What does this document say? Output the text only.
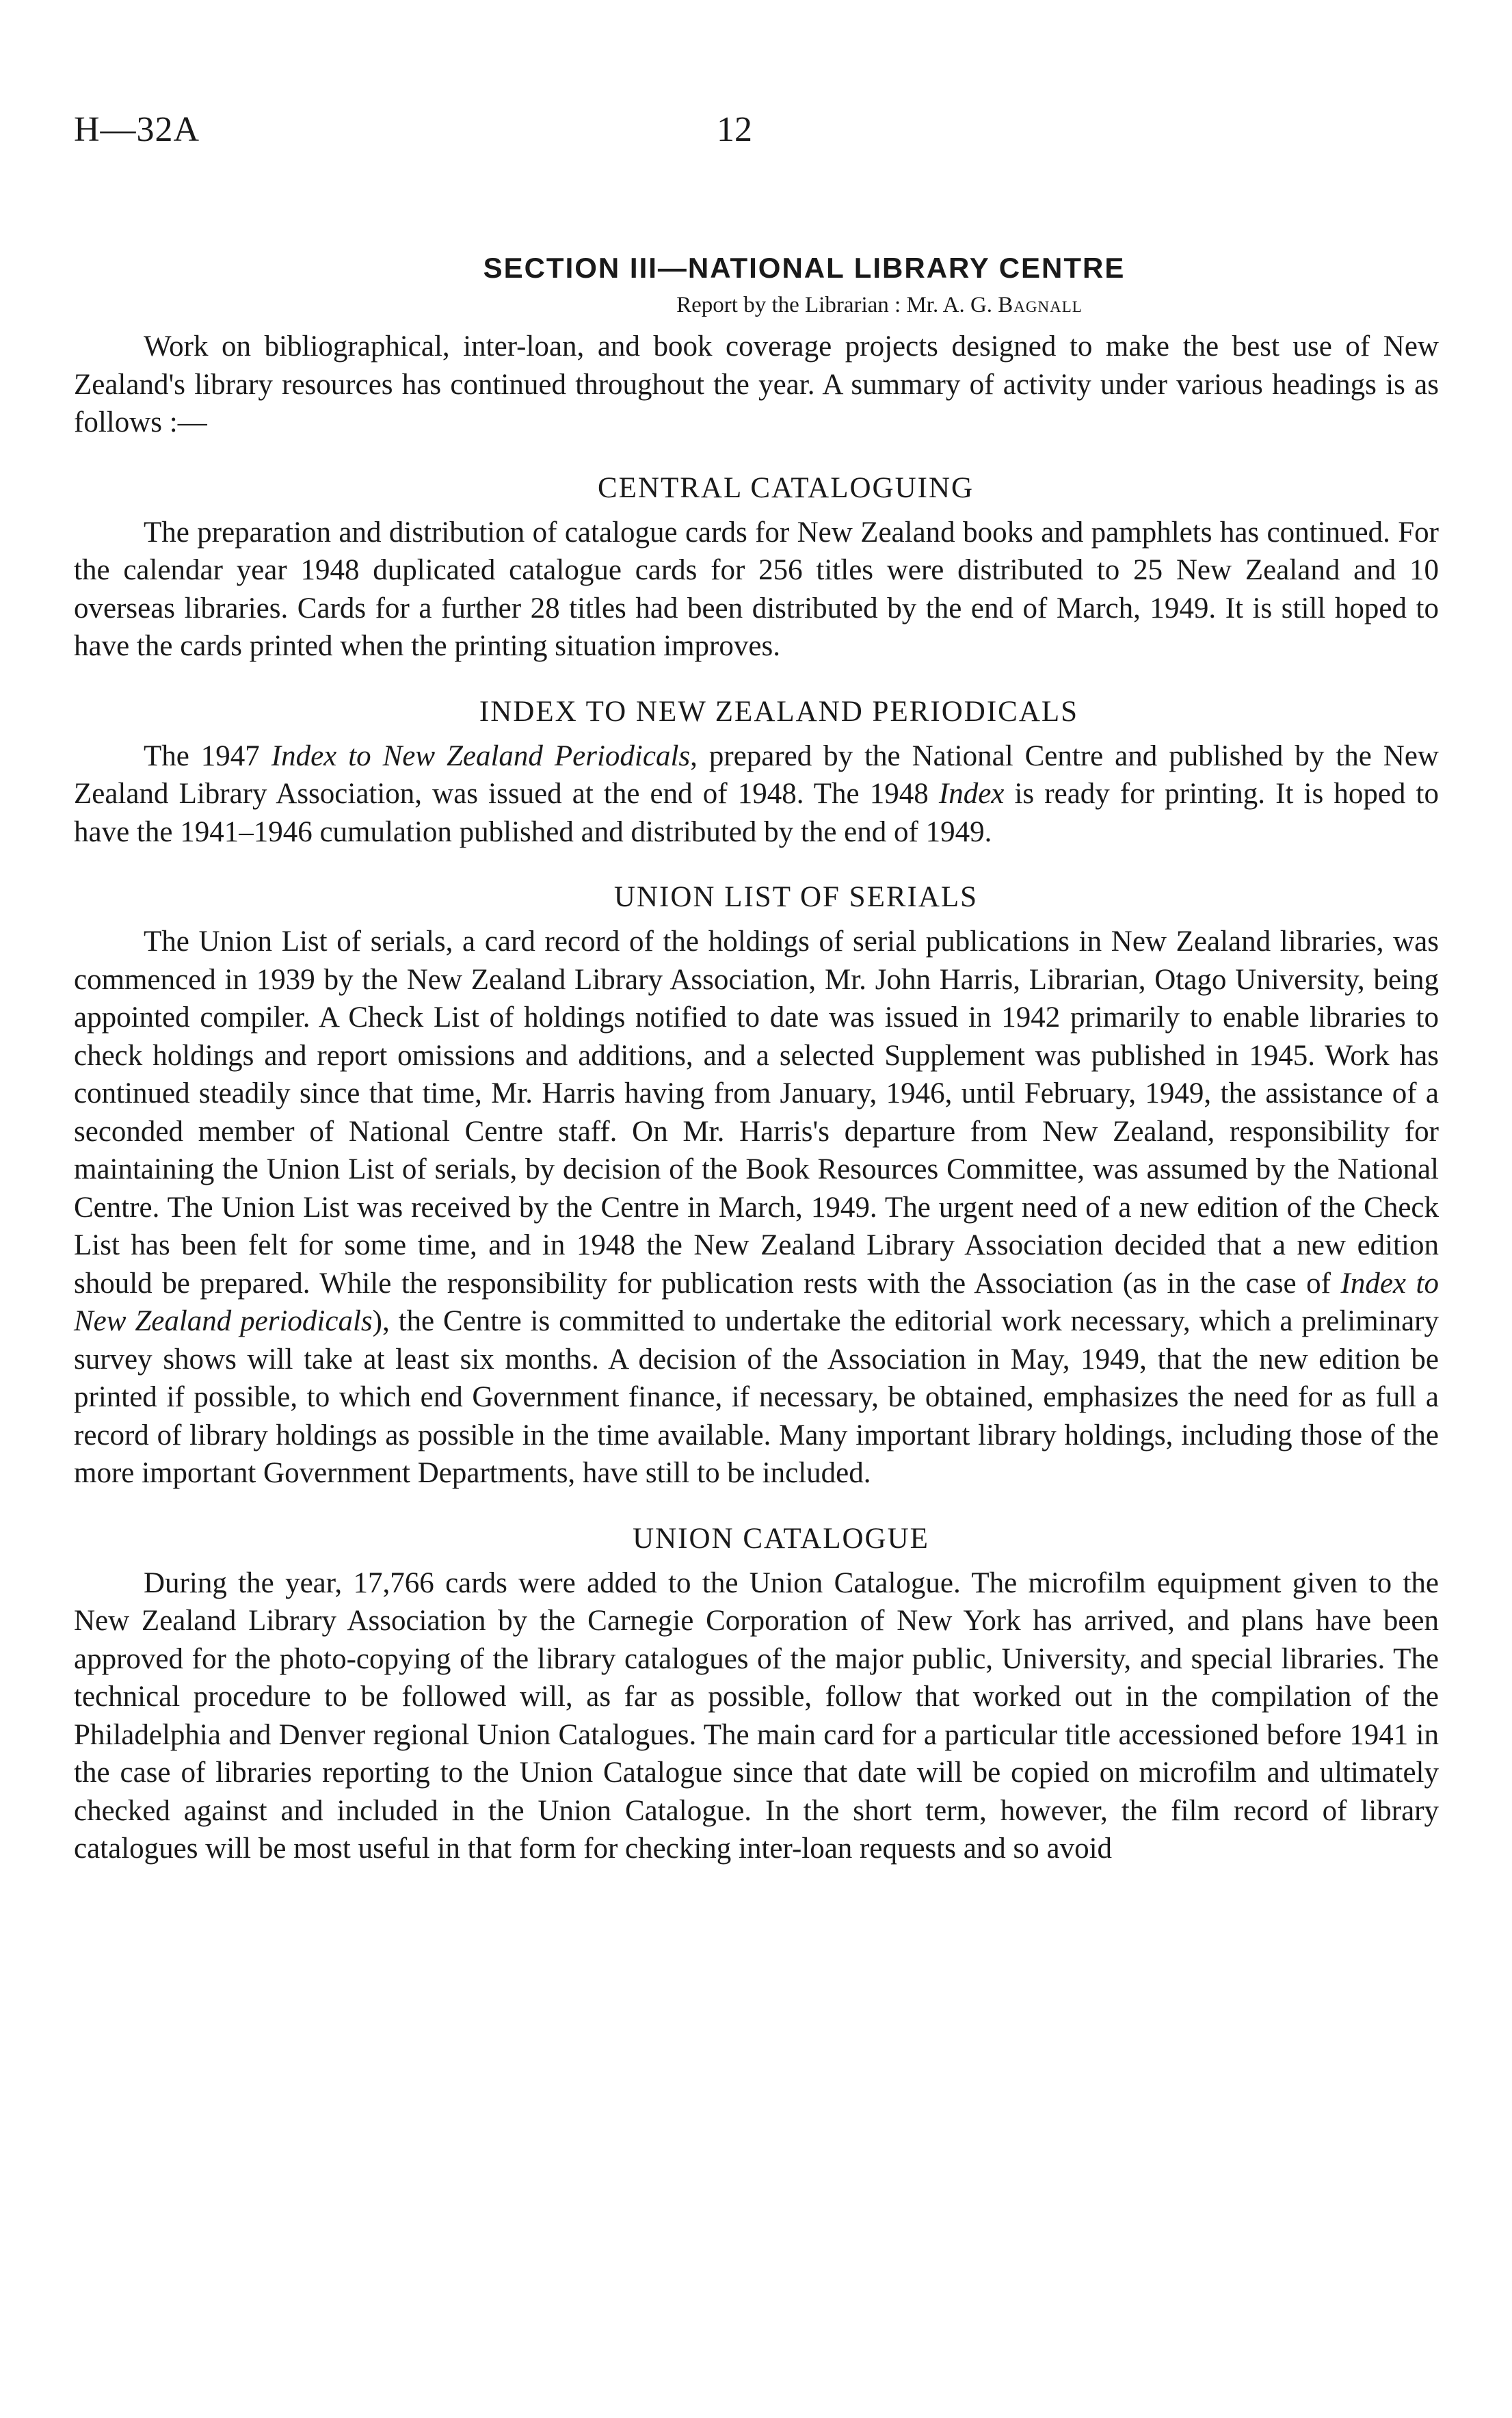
H—32A	12
SECTION III—NATIONAL LIBRARY CENTRE
Report by the Librarian : Mr. A. G. Bagnall

Work on bibliographical, inter-loan, and book coverage projects designed to make the best use of New Zealand's library resources has continued throughout the year. A summary of activity under various headings is as follows :—

CENTRAL CATALOGUING

The preparation and distribution of catalogue cards for New Zealand books and pamphlets has continued. For the calendar year 1948 duplicated catalogue cards for 256 titles were distributed to 25 New Zealand and 10 overseas libraries. Cards for a further 28 titles had been distributed by the end of March, 1949. It is still hoped to have the cards printed when the printing situation improves.

INDEX TO NEW ZEALAND PERIODICALS

The 1947 Index to New Zealand Periodicals, prepared by the National Centre and published by the New Zealand Library Association, was issued at the end of 1948. The 1948 Index is ready for printing. It is hoped to have the 1941–1946 cumulation published and distributed by the end of 1949.

UNION LIST OF SERIALS

The Union List of serials, a card record of the holdings of serial publications in New Zealand libraries, was commenced in 1939 by the New Zealand Library Association, Mr. John Harris, Librarian, Otago University, being appointed compiler. A Check List of holdings notified to date was issued in 1942 primarily to enable libraries to check holdings and report omissions and additions, and a selected Supplement was published in 1945. Work has continued steadily since that time, Mr. Harris having from January, 1946, until February, 1949, the assistance of a seconded member of National Centre staff. On Mr. Harris's departure from New Zealand, responsibility for maintaining the Union List of serials, by decision of the Book Resources Committee, was assumed by the National Centre. The Union List was received by the Centre in March, 1949. The urgent need of a new edition of the Check List has been felt for some time, and in 1948 the New Zealand Library Association decided that a new edition should be prepared. While the responsibility for publication rests with the Association (as in the case of Index to New Zealand periodicals), the Centre is committed to undertake the editorial work necessary, which a preliminary survey shows will take at least six months. A decision of the Association in May, 1949, that the new edition be printed if possible, to which end Government finance, if necessary, be obtained, emphasizes the need for as full a record of library holdings as possible in the time available. Many important library holdings, including those of the more important Government Departments, have still to be included.

UNION CATALOGUE

During the year, 17,766 cards were added to the Union Catalogue. The microfilm equipment given to the New Zealand Library Association by the Carnegie Corporation of New York has arrived, and plans have been approved for the photo-copying of the library catalogues of the major public, University, and special libraries. The technical procedure to be followed will, as far as possible, follow that worked out in the compilation of the Philadelphia and Denver regional Union Catalogues. The main card for a particular title accessioned before 1941 in the case of libraries reporting to the Union Catalogue since that date will be copied on microfilm and ultimately checked against and included in the Union Catalogue. In the short term, however, the film record of library catalogues will be most useful in that form for checking inter-loan requests and so avoid
